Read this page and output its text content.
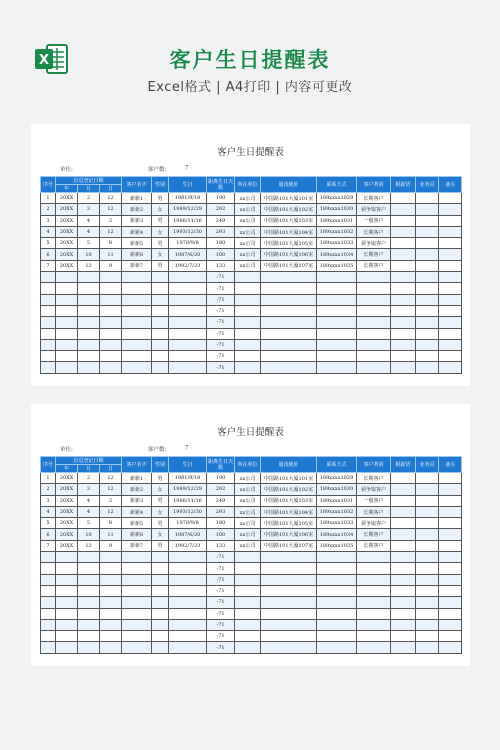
X	客户生日提醒表
Excel格式 | A4打印 | 内容可更改
客户生日提醒表
单位:	客户数:	7
序号	信息登记日期			客户名字	性别	生日	距离生日天数	所在单位	通讯地址	联系方式	客户类别	根据语	业务员	备注
	年	月	日											
1	20XX	2	12	新新1	男	1981/9/18	190	xx公司	中国路101大厦101室	189xxxx1029	长期客户			
2	20XX	3	12	新新2	女	1989/12/29	292	xx公司	中国路101大厦102室	189xxxx1030	须争取客户			
3	20XX	4	2	新新3	男	1986/11/16	249	xx公司	中国路101大厦103室	189xxxx1031	一般客户			
4	20XX	4	12	新新4	女	1993/12/30	293	xx公司	中国路101大厦104室	189xxxx1032	长期客户			
5	20XX	5	8	新新5	男	1978/9/8	180	xx公司	中国路101大厦105室	189xxxx1033	须争取客户			
6	20XX	10	11	新新6	女	1987/6/20	100	xx公司	中国路101大厦106室	189xxxx1034	长期客户			
7	20XX	12	9	新新7	男	1992/7/23	133	xx公司	中国路101大厦107室	189xxxx1035	长期客户			
							-71							
							-71							
							-71							
							-71							
							-71							
							-71							
							-71							
							-71							
							-71							
客户生日提醒表
单位:	客户数:	7
序号	信息登记日期			客户名字	性别	生日	距离生日天数	所在单位	通讯地址	联系方式	客户类别	根据语	业务员	备注
	年	月	日											
1	20XX	2	12	新新1	男	1981/9/18	190	xx公司	中国路101大厦101室	189xxxx1029	长期客户			
2	20XX	3	12	新新2	女	1989/12/29	292	xx公司	中国路101大厦102室	189xxxx1030	须争取客户			
3	20XX	4	2	新新3	男	1986/11/16	249	xx公司	中国路101大厦103室	189xxxx1031	一般客户			
4	20XX	4	12	新新4	女	1993/12/30	293	xx公司	中国路101大厦104室	189xxxx1032	长期客户			
5	20XX	5	8	新新5	男	1978/9/8	180	xx公司	中国路101大厦105室	189xxxx1033	须争取客户			
6	20XX	10	11	新新6	女	1987/6/20	100	xx公司	中国路101大厦106室	189xxxx1034	长期客户			
7	20XX	12	9	新新7	男	1992/7/23	133	xx公司	中国路101大厦107室	189xxxx1035	长期客户			
							-71							
							-71							
							-71							
							-71							
							-71							
							-71							
							-71							
							-71							
							-71							
